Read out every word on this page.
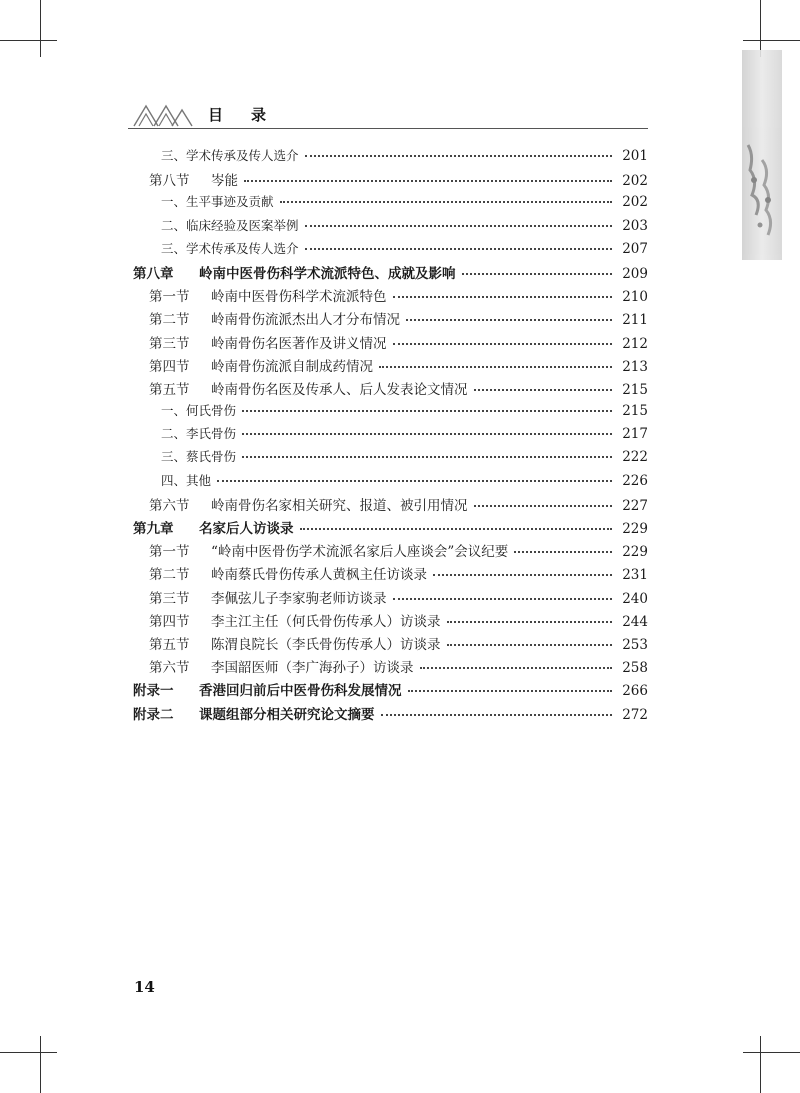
目录
三、 学术传承及传人选介	201
第八节	岑能	202
一、 生平事迹及贡献	202
二、 临床经验及医案举例	203
三、 学术传承及传人选介	207
第八章	岭南中医骨伤科学术流派特色、成就及影响	209
第一节	岭南中医骨伤科学术流派特色	210
第二节	岭南骨伤流派杰出人才分布情况	211
第三节	岭南骨伤名医著作及讲义情况	212
第四节	岭南骨伤流派自制成药情况	213
第五节	岭南骨伤名医及传承人、后人发表论文情况	215
一、 何氏骨伤	215
二、 李氏骨伤	217
三、 蔡氏骨伤	222
四、 其他	226
第六节	岭南骨伤名家相关研究、报道、被引用情况	227
第九章	名家后人访谈录	229
第一节	“岭南中医骨伤学术流派名家后人座谈会”会议纪要	229
第二节	岭南蔡氏骨伤传承人黄枫主任访谈录	231
第三节	李佩弦儿子李家驹老师访谈录	240
第四节	李主江主任（何氏骨伤传承人）访谈录	244
第五节	陈渭良院长（李氏骨伤传承人）访谈录	253
第六节	李国韶医师（李广海孙子）访谈录	258
附录一	香港回归前后中医骨伤科发展情况	266
附录二	课题组部分相关研究论文摘要	272
14
